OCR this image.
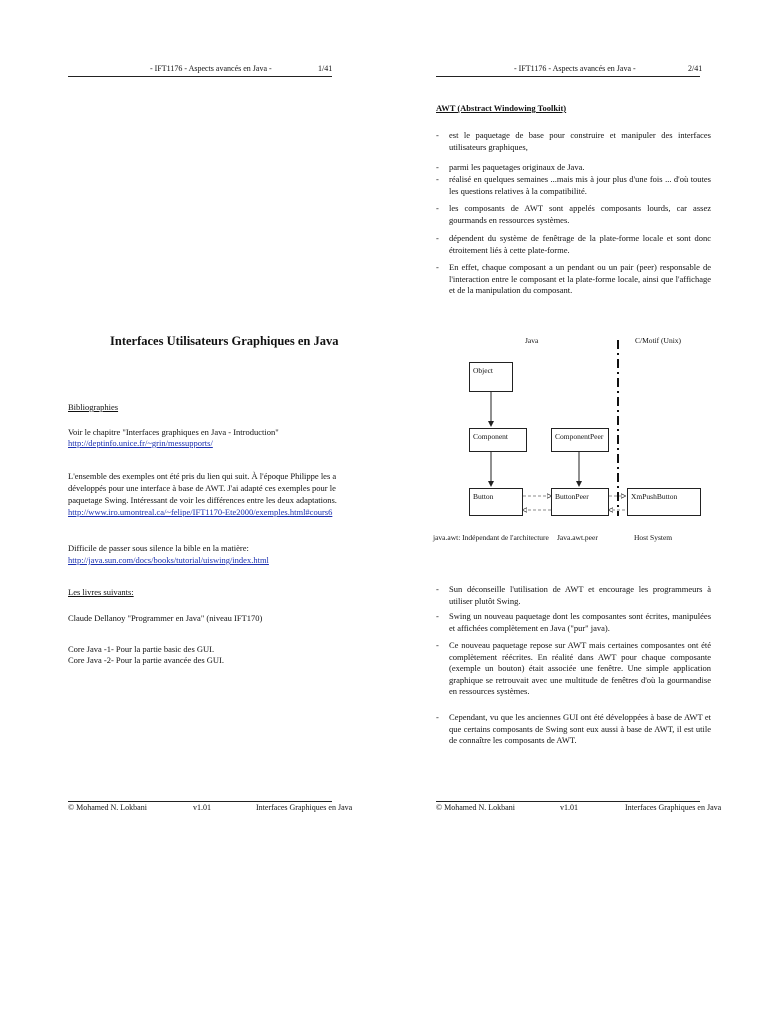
- IFT1176 - Aspects avancés en Java -	1/41
Interfaces Utilisateurs Graphiques en Java
Bibliographies
Voir le chapitre "Interfaces graphiques en Java - Introduction"
http://deptinfo.unice.fr/~grin/messupports/
L'ensemble des exemples ont été pris du lien qui suit. À l'époque Philippe les a
développés pour une interface à base de AWT. J'ai adapté ces exemples pour le
paquetage Swing. Intéressant de voir les différences entre les deux adaptations.
http://www.iro.umontreal.ca/~felipe/IFT1170-Ete2000/exemples.html#cours6
Difficile de passer sous silence la bible en la matière:
http://java.sun.com/docs/books/tutorial/uiswing/index.html
Les livres suivants:
Claude Dellanoy "Programmer en Java" (niveau IFT170)
Core Java -1- Pour la partie basic des GUI.
Core Java -2- Pour la partie avancée des GUI.
© Mohamed N. Lokbani	v1.01	Interfaces Graphiques en Java
- IFT1176 - Aspects avancés en Java -	2/41
AWT (Abstract Windowing Toolkit)
- est le paquetage de base pour construire et manipuler des interfaces utilisateurs graphiques,
- parmi les paquetages originaux de Java.
- réalisé en quelques semaines ...mais mis à jour plus d'une fois ... d'où toutes les questions relatives à la compatibilité.
- les composants de AWT sont appelés composants lourds, car assez gourmands en ressources systèmes.
- dépendent du système de fenêtrage de la plate-forme locale et sont donc étroitement liés à cette plate-forme.
- En effet, chaque composant a un pendant ou un pair (peer) responsable de l'interaction entre le composant et la plate-forme locale, ainsi que l'affichage et de la manipulation du composant.
- Sun déconseille l'utilisation de AWT et encourage les programmeurs à utiliser plutôt Swing.
- Swing un nouveau paquetage dont les composantes sont écrites, manipulées et affichées complètement en Java ("pur" java).
- Ce nouveau paquetage repose sur AWT mais certaines composantes ont été complètement réécrites. En réalité dans AWT pour chaque composante (exemple un bouton) était associée une fenêtre. Une simple application graphique se retrouvait avec une multitude de fenêtres d'où la gourmandise en ressources systèmes.
- Cependant, vu que les anciennes GUI ont été développées à base de AWT et que certains composants de Swing sont eux aussi à base de AWT, il est utile de connaître les composants de AWT.
© Mohamed N. Lokbani	v1.01	Interfaces Graphiques en Java
Java	C/Motif (Unix)
Object
Component	ComponentPeer
Button	ButtonPeer	XmPushButton
java.awt: Indépendant de l'architecture Java.awt.peer	Host System
